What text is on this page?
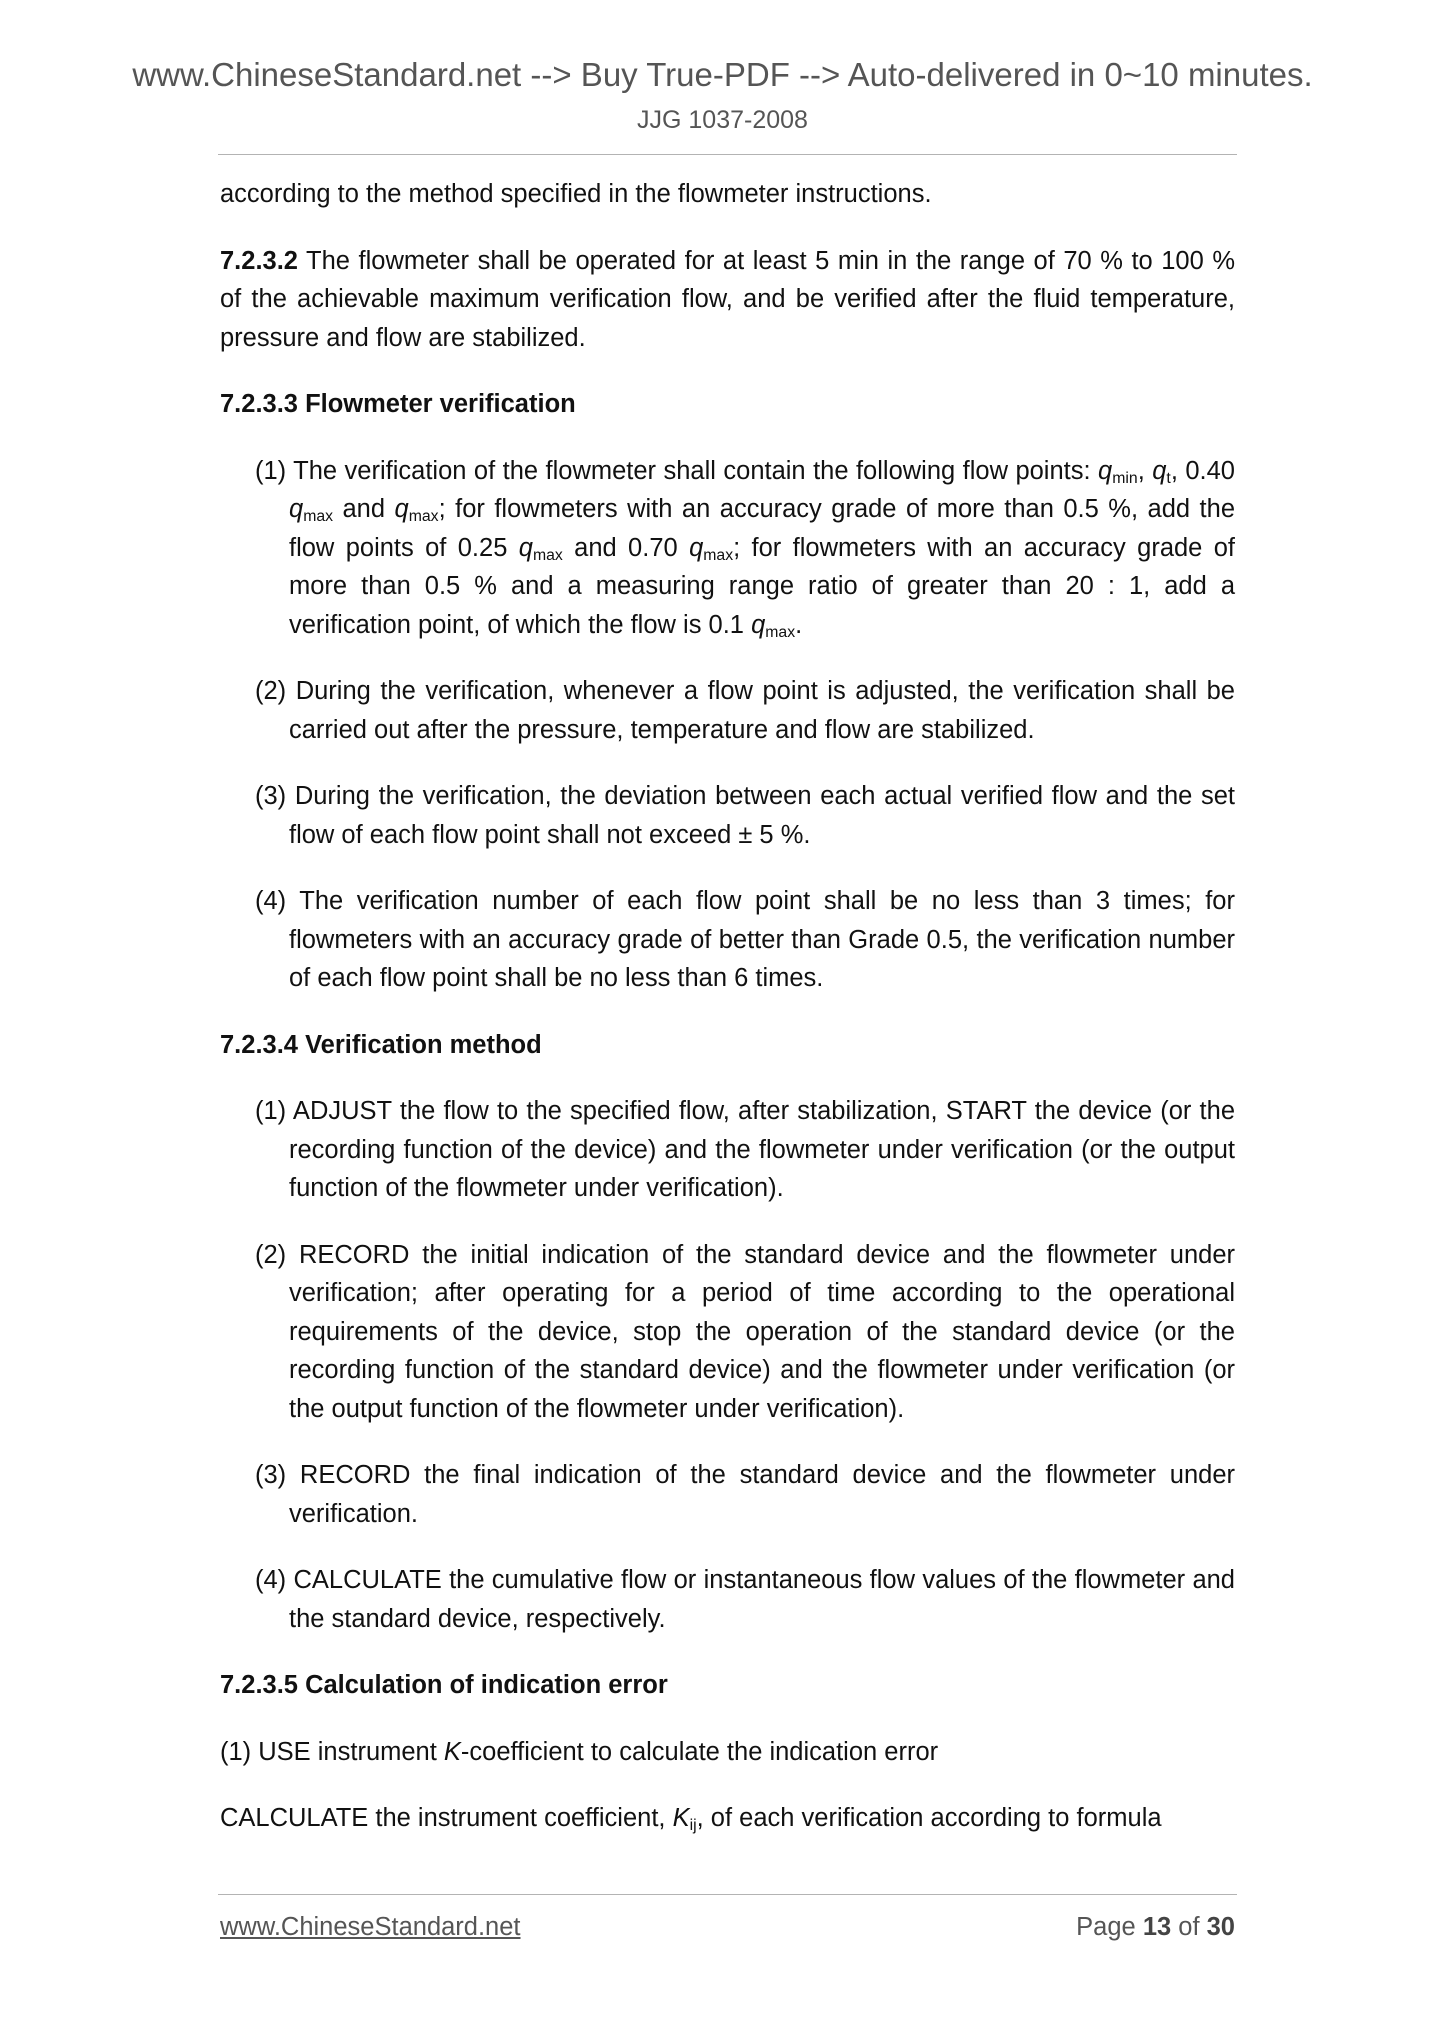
www.ChineseStandard.net --> Buy True-PDF --> Auto-delivered in 0~10 minutes.
JJG 1037-2008

according to the method specified in the flowmeter instructions.

7.2.3.2 The flowmeter shall be operated for at least 5 min in the range of 70 % to 100 % of the achievable maximum verification flow, and be verified after the fluid temperature, pressure and flow are stabilized.

7.2.3.3 Flowmeter verification

(1) The verification of the flowmeter shall contain the following flow points: $q_{min}$, $q_t$, 0.40 $q_{max}$ and $q_{max}$; for flowmeters with an accuracy grade of more than 0.5 %, add the flow points of 0.25 $q_{max}$ and 0.70 $q_{max}$; for flowmeters with an accuracy grade of more than 0.5 % and a measuring range ratio of greater than 20 : 1, add a verification point, of which the flow is 0.1 $q_{max}$.

(2) During the verification, whenever a flow point is adjusted, the verification shall be carried out after the pressure, temperature and flow are stabilized.

(3) During the verification, the deviation between each actual verified flow and the set flow of each flow point shall not exceed ± 5 %.

(4) The verification number of each flow point shall be no less than 3 times; for flowmeters with an accuracy grade of better than Grade 0.5, the verification number of each flow point shall be no less than 6 times.

7.2.3.4 Verification method

(1) ADJUST the flow to the specified flow, after stabilization, START the device (or the recording function of the device) and the flowmeter under verification (or the output function of the flowmeter under verification).

(2) RECORD the initial indication of the standard device and the flowmeter under verification; after operating for a period of time according to the operational requirements of the device, stop the operation of the standard device (or the recording function of the standard device) and the flowmeter under verification (or the output function of the flowmeter under verification).

(3) RECORD the final indication of the standard device and the flowmeter under verification.

(4) CALCULATE the cumulative flow or instantaneous flow values of the flowmeter and the standard device, respectively.

7.2.3.5 Calculation of indication error

(1) USE instrument K-coefficient to calculate the indication error

CALCULATE the instrument coefficient, $K_{ij}$, of each verification according to formula

www.ChineseStandard.net	Page 13 of 30
